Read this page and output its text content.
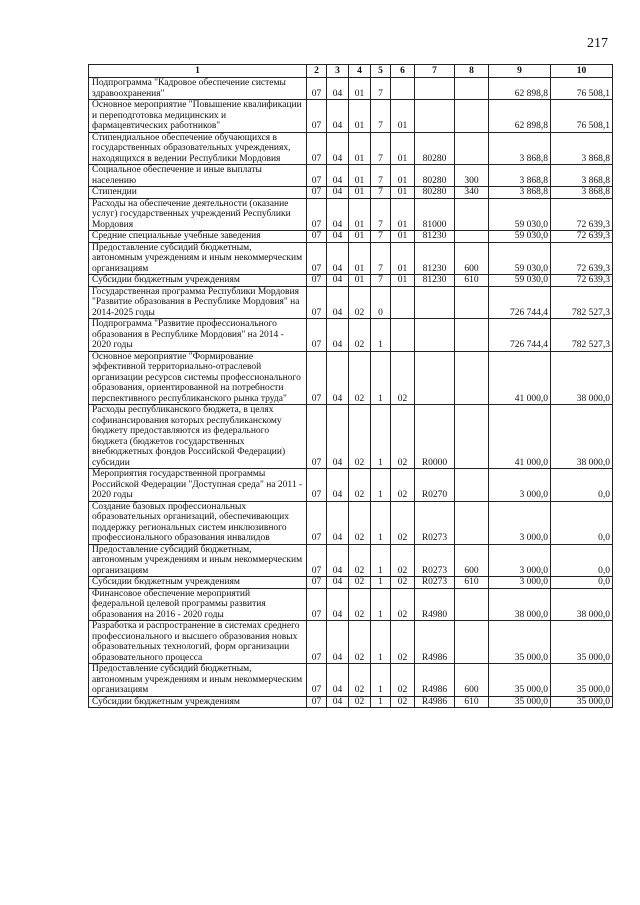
217
1	2	3	4	5	6	7	8	9	10
Подпрограмма "Кадровое обеспечение системы здравоохранения"	07	04	01	7				62 898,8	76 508,1
Основное мероприятие "Повышение квалификации и переподготовка медицинских и фармацевтических работников"	07	04	01	7	01			62 898,8	76 508,1
Стипендиальное обеспечение обучающихся в государственных образовательных учреждениях, находящихся в ведении Республики Мордовия	07	04	01	7	01	80280		3 868,8	3 868,8
Социальное обеспечение и иные выплаты населению	07	04	01	7	01	80280	300	3 868,8	3 868,8
Стипендии	07	04	01	7	01	80280	340	3 868,8	3 868,8
Расходы на обеспечение деятельности (оказание услуг) государственных учреждений Республики Мордовия	07	04	01	7	01	81000		59 030,0	72 639,3
Средние специальные учебные заведения	07	04	01	7	01	81230		59 030,0	72 639,3
Предоставление субсидий бюджетным, автономным учреждениям и иным некоммерческим организациям	07	04	01	7	01	81230	600	59 030,0	72 639,3
Субсидии бюджетным учреждениям	07	04	01	7	01	81230	610	59 030,0	72 639,3
Государственная программа Республики Мордовия "Развитие образования в Республике Мордовия" на 2014-2025 годы	07	04	02	0				726 744,4	782 527,3
Подпрограмма "Развитие профессионального образования в Республике Мордовия" на 2014 - 2020 годы	07	04	02	1				726 744,4	782 527,3
Основное мероприятие "Формирование эффективной территориально-отраслевой организации ресурсов системы профессионального образования, ориентированной на потребности перспективного республиканского рынка труда"	07	04	02	1	02			41 000,0	38 000,0
Расходы республиканского бюджета, в целях софинансирования которых республиканскому бюджету предоставляются из федерального бюджета (бюджетов государственных внебюджетных фондов Российской Федерации) субсидии	07	04	02	1	02	R0000		41 000,0	38 000,0
Мероприятия государственной программы Российской Федерации "Доступная среда" на 2011 - 2020 годы	07	04	02	1	02	R0270		3 000,0	0,0
Создание базовых профессиональных образовательных организаций, обеспечивающих поддержку региональных систем инклюзивного профессионального образования инвалидов	07	04	02	1	02	R0273		3 000,0	0,0
Предоставление субсидий бюджетным, автономным учреждениям и иным некоммерческим организациям	07	04	02	1	02	R0273	600	3 000,0	0,0
Субсидии бюджетным учреждениям	07	04	02	1	02	R0273	610	3 000,0	0,0
Финансовое обеспечение мероприятий федеральной целевой программы развития образования на 2016 - 2020 годы	07	04	02	1	02	R4980		38 000,0	38 000,0
Разработка и распространение в системах среднего профессионального и высшего образования новых образовательных технологий, форм организации образовательного процесса	07	04	02	1	02	R4986		35 000,0	35 000,0
Предоставление субсидий бюджетным, автономным учреждениям и иным некоммерческим организациям	07	04	02	1	02	R4986	600	35 000,0	35 000,0
Субсидии бюджетным учреждениям	07	04	02	1	02	R4986	610	35 000,0	35 000,0
